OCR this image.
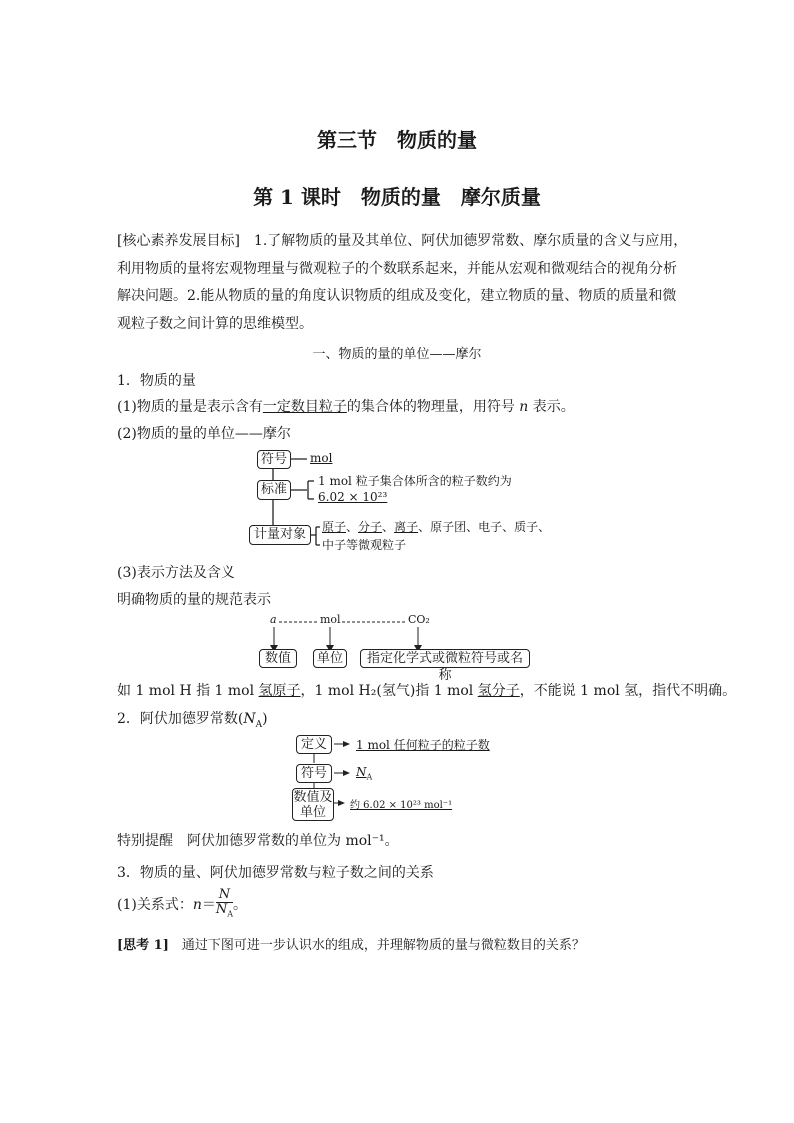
第三节　物质的量
第 1 课时　物质的量　摩尔质量
[核心素养发展目标]　1.了解物质的量及其单位、阿伏加德罗常数、摩尔质量的含义与应用，
利用物质的量将宏观物理量与微观粒子的个数联系起来，并能从宏观和微观结合的视角分析
解决问题。2.能从物质的量的角度认识物质的组成及变化，建立物质的量、物质的质量和微
观粒子数之间计算的思维模型。
一、物质的量的单位——摩尔
1．物质的量
(1)物质的量是表示含有一定数目粒子的集合体的物理量，用符号 n 表示。
(2)物质的量的单位——摩尔
符号	mol
标准
1 mol 粒子集合体所含的粒子数约为
6.02 × 10²³
计量对象	原子、分子、离子、原子团、电子、质子、
中子等微观粒子
(3)表示方法及含义
明确物质的量的规范表示
a	mol	CO₂
数值	单位	指定化学式或微粒符号或名称
如 1 mol H 指 1 mol 氢原子，1 mol H₂(氢气)指 1 mol 氢分子，不能说 1 mol 氢，指代不明确。
2．阿伏加德罗常数$(N_A)$
定义	1 mol 任何粒子的粒子数
符号	$N_A$
数值及
单位	约 6.02 × 10²³ mol⁻¹
特别提醒　阿伏加德罗常数的单位为 mol⁻¹。
3．物质的量、阿伏加德罗常数与粒子数之间的关系
(1)关系式：$n= \frac{N}{N_A}$ 。
[思考 1]　通过下图可进一步认识水的组成，并理解物质的量与微粒数目的关系？
